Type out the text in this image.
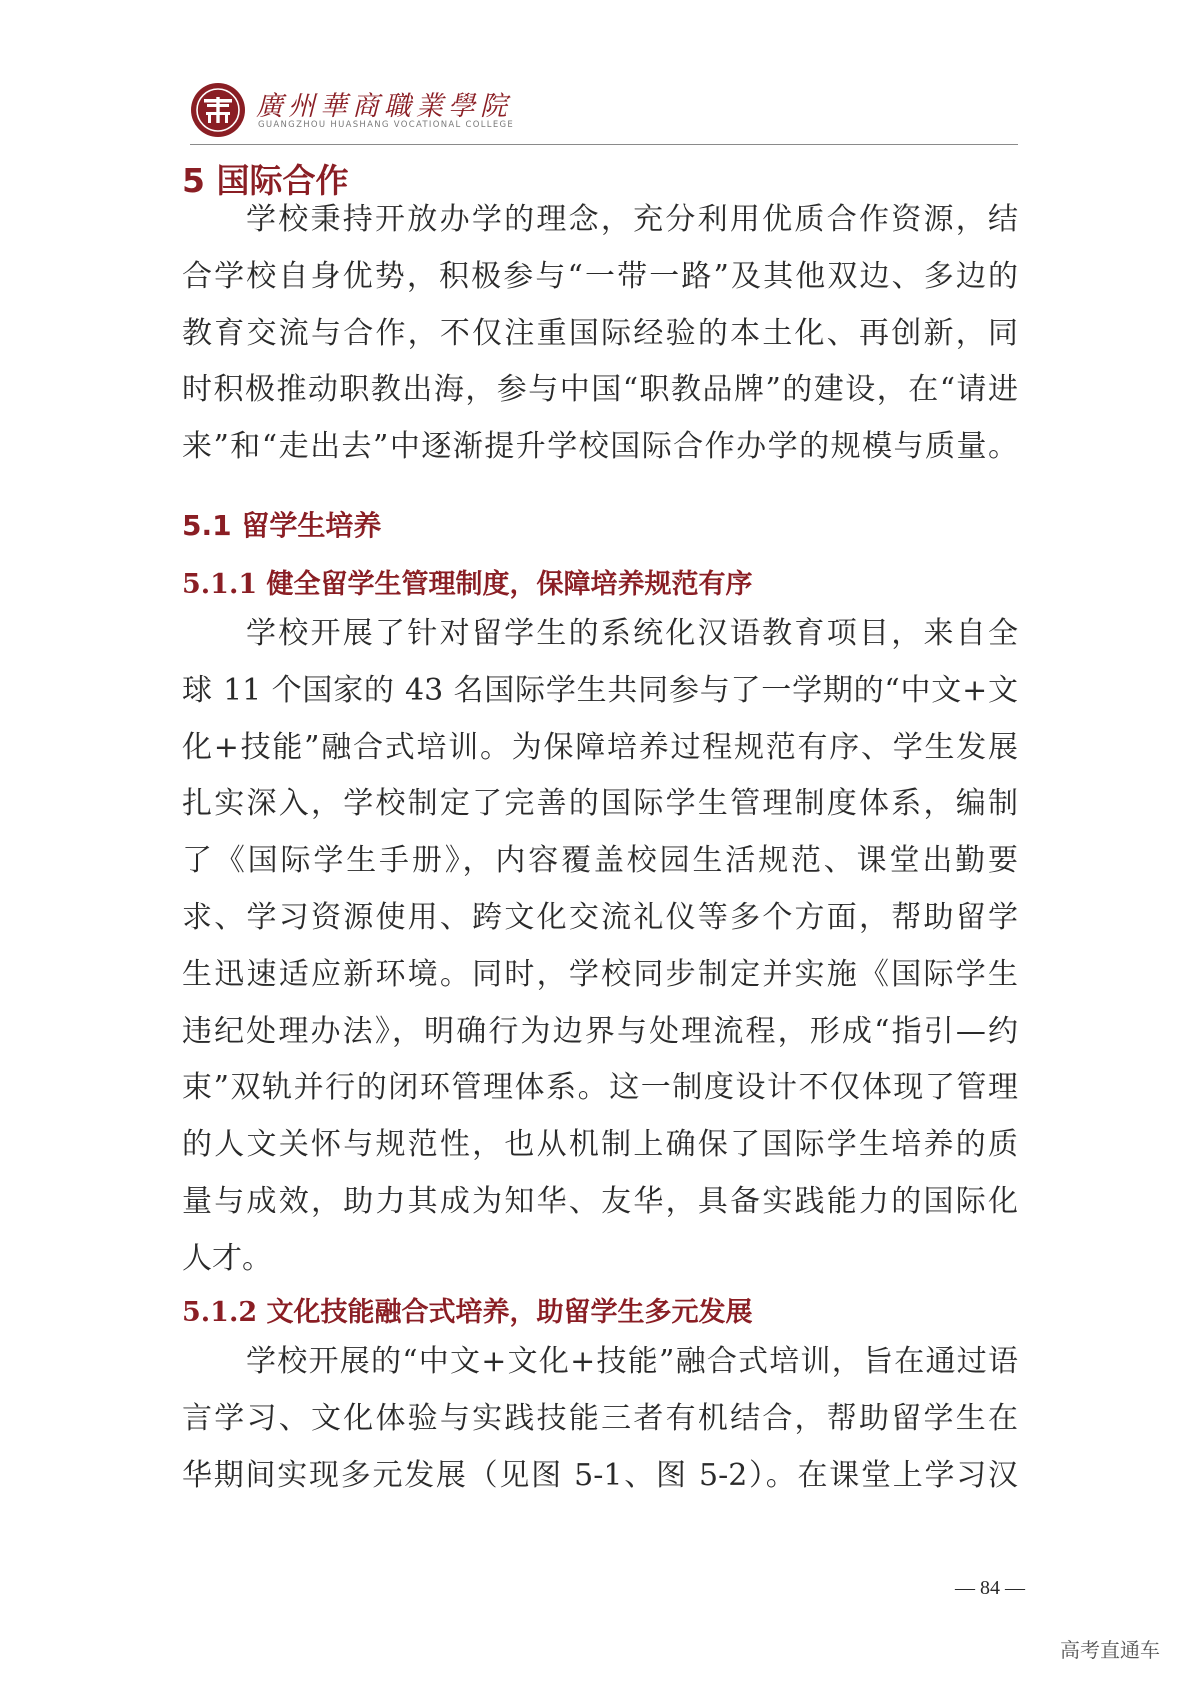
廣州華商職業學院
GUANGZHOU HUASHANG VOCATIONAL COLLEGE
5 国际合作
学校秉持开放办学的理念，充分利用优质合作资源，结
合学校自身优势，积极参与“一带一路”及其他双边、多边的
教育交流与合作，不仅注重国际经验的本土化、再创新，同
时积极推动职教出海，参与中国“职教品牌”的建设，在“请进
来”和“走出去”中逐渐提升学校国际合作办学的规模与质量。
5.1 留学生培养
5.1.1 健全留学生管理制度，保障培养规范有序
学校开展了针对留学生的系统化汉语教育项目，来自全
球 11 个国家的 43 名国际学生共同参与了一学期的“中文+文
化+技能”融合式培训。为保障培养过程规范有序、学生发展
扎实深入，学校制定了完善的国际学生管理制度体系，编制
了《国际学生手册》，内容覆盖校园生活规范、课堂出勤要
求、学习资源使用、跨文化交流礼仪等多个方面，帮助留学
生迅速适应新环境。同时，学校同步制定并实施《国际学生
违纪处理办法》，明确行为边界与处理流程，形成“指引—约
束”双轨并行的闭环管理体系。这一制度设计不仅体现了管理
的人文关怀与规范性，也从机制上确保了国际学生培养的质
量与成效，助力其成为知华、友华，具备实践能力的国际化
人才。
5.1.2 文化技能融合式培养，助留学生多元发展
学校开展的“中文+文化+技能”融合式培训，旨在通过语
言学习、文化体验与实践技能三者有机结合，帮助留学生在
华期间实现多元发展（见图 5-1、图 5-2）。在课堂上学习汉
— 84 —
高考直通车
